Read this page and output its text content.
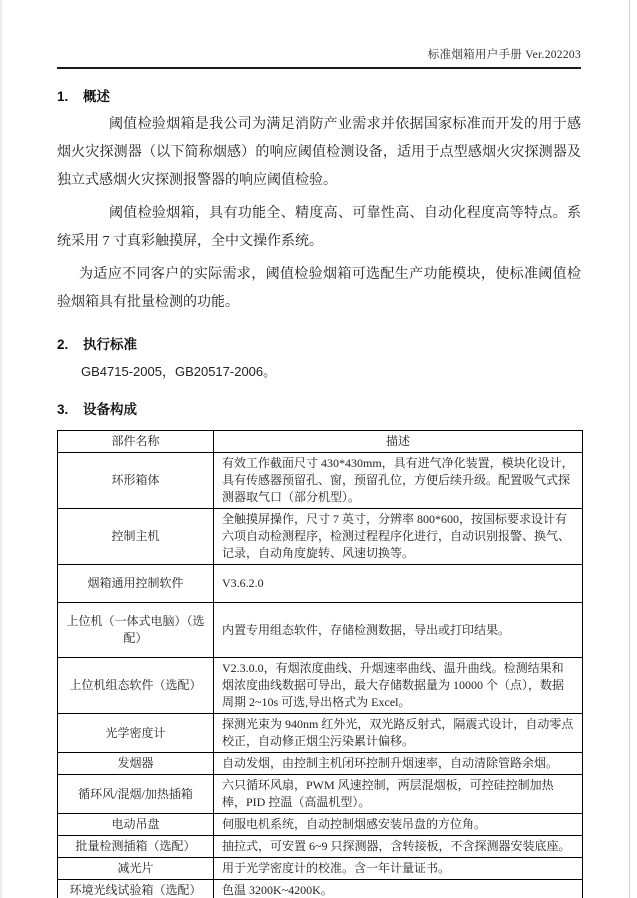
标准烟箱用户手册 Ver.202203
1. 概述

阈值检验烟箱是我公司为满足消防产业需求并依据国家标准而开发的用于感烟火灾探测器（以下简称烟感）的响应阈值检测设备，适用于点型感烟火灾探测器及独立式感烟火灾探测报警器的响应阈值检验。

阈值检验烟箱，具有功能全、精度高、可靠性高、自动化程度高等特点。系统采用 7 寸真彩触摸屏，全中文操作系统。

为适应不同客户的实际需求，阈值检验烟箱可选配生产功能模块，使标准阈值检验烟箱具有批量检测的功能。

2. 执行标准

GB4715-2005，GB20517-2006。

3. 设备构成
部件名称	描述
环形箱体	有效工作截面尺寸 430*430mm，具有进气净化装置，模块化设计，具有传感器预留孔、窗，预留孔位，方便后续升级。配置吸气式探测器取气口（部分机型）。
控制主机	全触摸屏操作，尺寸 7 英寸，分辨率 800*600，按国标要求设计有六项自动检测程序，检测过程程序化进行，自动识别报警、换气、记录，自动角度旋转、风速切换等。
烟箱通用控制软件	V3.6.2.0
上位机（一体式电脑）（选配）	内置专用组态软件，存储检测数据，导出或打印结果。
上位机组态软件（选配）	V2.3.0.0，有烟浓度曲线、升烟速率曲线、温升曲线。检测结果和烟浓度曲线数据可导出，最大存储数据量为 10000 个（点），数据周期 2~10s 可选,导出格式为 Excel。
光学密度计	探测光束为 940nm 红外光，双光路反射式，隔震式设计，自动零点校正，自动修正烟尘污染累计偏移。
发烟器	自动发烟，由控制主机闭环控制升烟速率，自动清除管路余烟。
循环风/混烟/加热插箱	六只循环风扇，PWM 风速控制，两层混烟板，可控硅控制加热棒，PID 控温（高温机型）。
电动吊盘	伺服电机系统，自动控制烟感安装吊盘的方位角。
批量检测插箱（选配）	抽拉式，可安置 6~9 只探测器，含转接板，不含探测器安装底座。
减光片	用于光学密度计的校准。含一年计量证书。
环境光线试验箱（选配）	色温 3200K~4200K。
